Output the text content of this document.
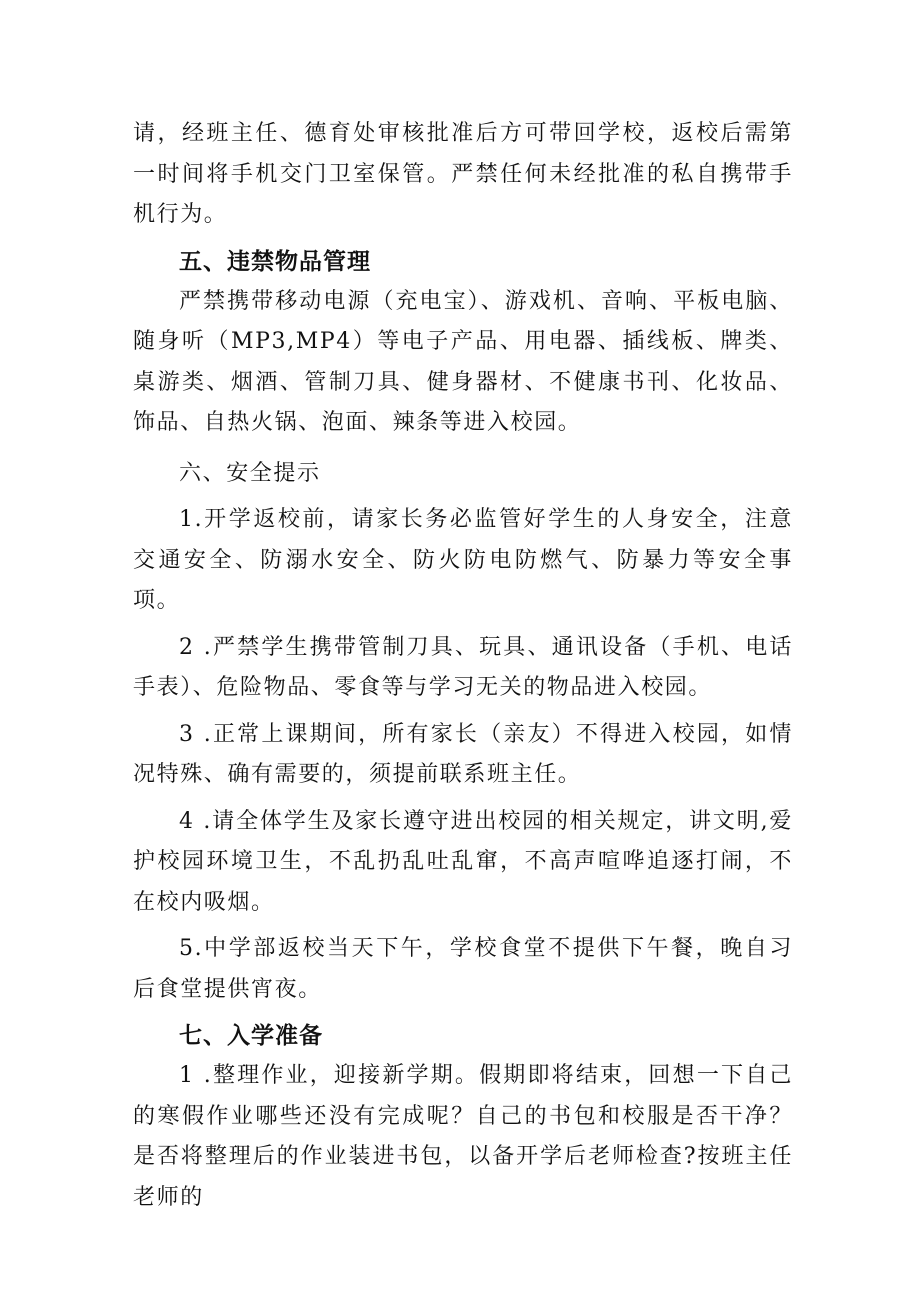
请，经班主任、德育处审核批准后方可带回学校，返校后需第一时间将手机交门卫室保管。严禁任何未经批准的私自携带手机行为。

五、违禁物品管理

严禁携带移动电源（充电宝）、游戏机、音响、平板电脑、随身听（MP3,MP4）等电子产品、用电器、插线板、牌类、桌游类、烟酒、管制刀具、健身器材、不健康书刊、化妆品、饰品、自热火锅、泡面、辣条等进入校园。

六、安全提示

1.开学返校前，请家长务必监管好学生的人身安全，注意交通安全、防溺水安全、防火防电防燃气、防暴力等安全事项。

2 .严禁学生携带管制刀具、玩具、通讯设备（手机、电话手表）、危险物品、零食等与学习无关的物品进入校园。

3 .正常上课期间，所有家长（亲友）不得进入校园，如情况特殊、确有需要的，须提前联系班主任。

4 .请全体学生及家长遵守进出校园的相关规定，讲文明,爱护校园环境卫生，不乱扔乱吐乱窜，不高声喧哗追逐打闹，不在校内吸烟。

5.中学部返校当天下午，学校食堂不提供下午餐，晚自习后食堂提供宵夜。

七、入学准备

1 .整理作业，迎接新学期。假期即将结束，回想一下自己的寒假作业哪些还没有完成呢？自己的书包和校服是否干净？是否将整理后的作业装进书包，以备开学后老师检查?按班主任老师的
